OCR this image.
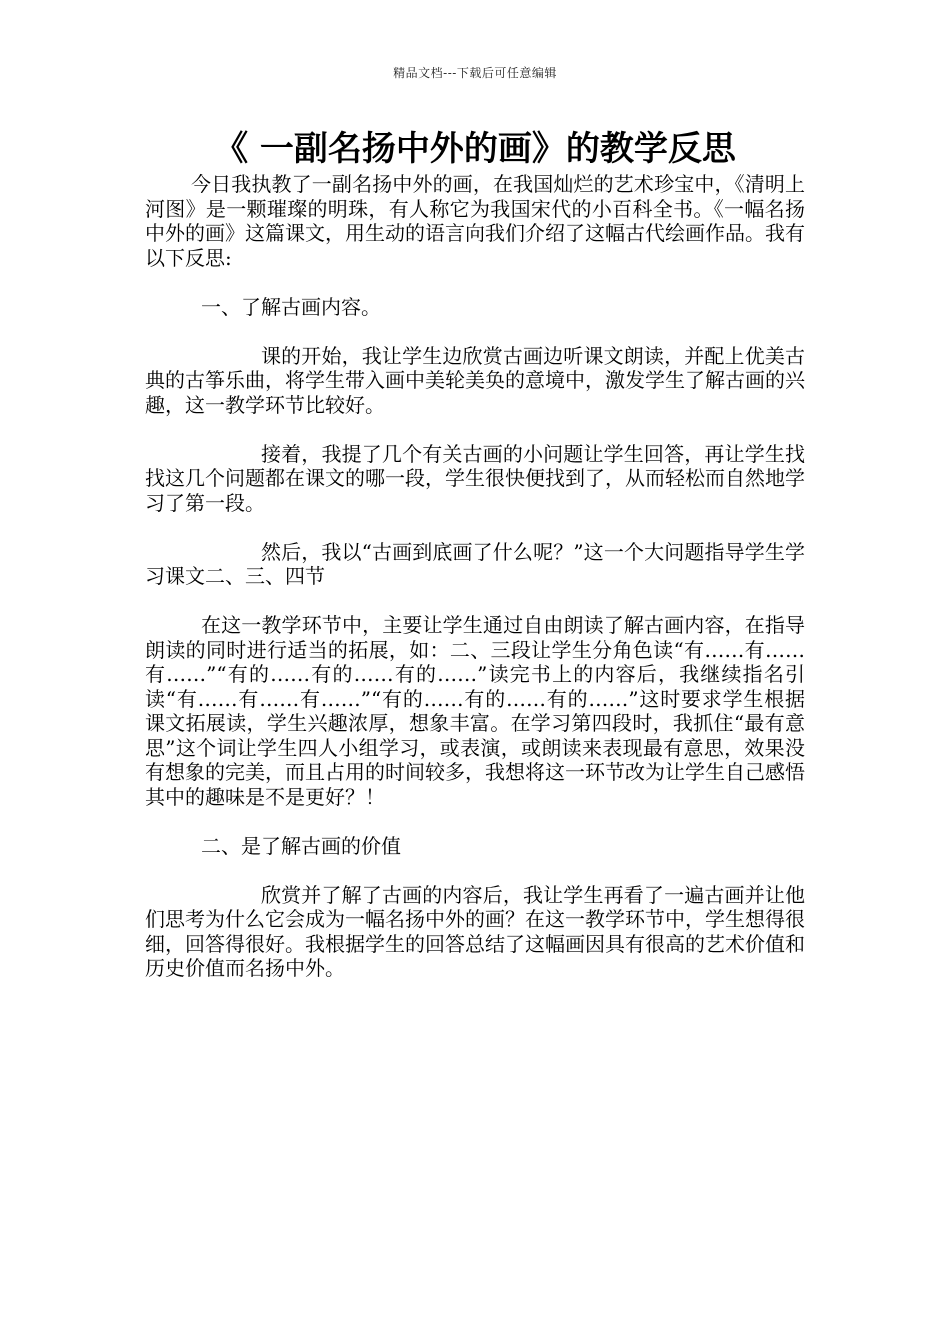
精品文档---下载后可任意编辑
《 一副名扬中外的画》的教学反思

今日我执教了一副名扬中外的画，在我国灿烂的艺术珍宝中，《清明上河图》是一颗璀璨的明珠，有人称它为我国宋代的小百科全书。《一幅名扬中外的画》这篇课文，用生动的语言向我们介绍了这幅古代绘画作品。我有以下反思:

一、了解古画内容。

课的开始，我让学生边欣赏古画边听课文朗读，并配上优美古典的古筝乐曲，将学生带入画中美轮美奂的意境中，激发学生了解古画的兴趣，这一教学环节比较好。

接着，我提了几个有关古画的小问题让学生回答，再让学生找找这几个问题都在课文的哪一段，学生很快便找到了，从而轻松而自然地学习了第一段。

然后，我以“古画到底画了什么呢？”这一个大问题指导学生学习课文二、三、四节

在这一教学环节中，主要让学生通过自由朗读了解古画内容，在指导朗读的同时进行适当的拓展，如：二、三段让学生分角色读“有……有……有……”“有的……有的……有的……”读完书上的内容后，我继续指名引读“有……有……有……”“有的……有的……有的……”这时要求学生根据课文拓展读，学生兴趣浓厚，想象丰富。在学习第四段时，我抓住“最有意思”这个词让学生四人小组学习，或表演，或朗读来表现最有意思，效果没有想象的完美，而且占用的时间较多，我想将这一环节改为让学生自己感悟其中的趣味是不是更好？！

二、是了解古画的价值

欣赏并了解了古画的内容后，我让学生再看了一遍古画并让他们思考为什么它会成为一幅名扬中外的画？在这一教学环节中，学生想得很细，回答得很好。我根据学生的回答总结了这幅画因具有很高的艺术价值和历史价值而名扬中外。
